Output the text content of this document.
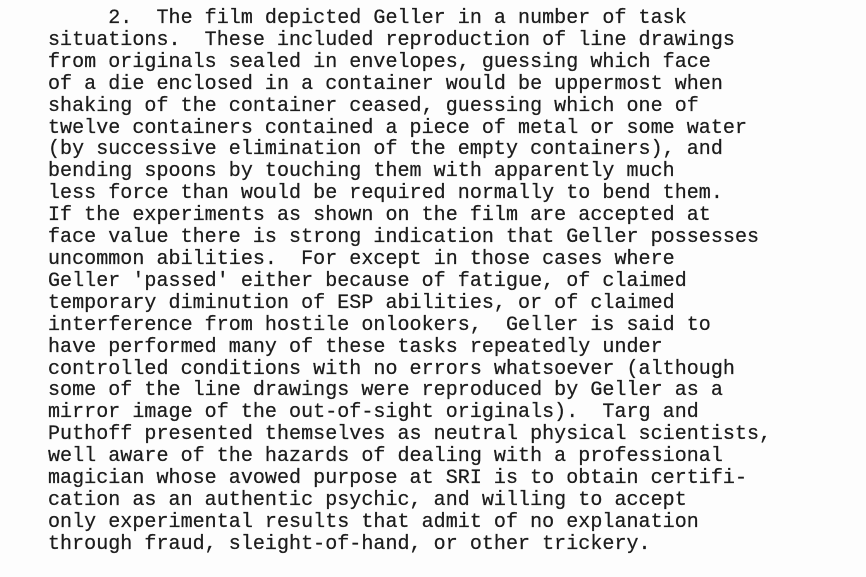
2.  The film depicted Geller in a number of task
situations.  These included reproduction of line drawings
from originals sealed in envelopes, guessing which face
of a die enclosed in a container would be uppermost when
shaking of the container ceased, guessing which one of
twelve containers contained a piece of metal or some water
(by successive elimination of the empty containers), and
bending spoons by touching them with apparently much
less force than would be required normally to bend them.
If the experiments as shown on the film are accepted at
face value there is strong indication that Geller possesses
uncommon abilities.  For except in those cases where
Geller 'passed' either because of fatigue, of claimed
temporary diminution of ESP abilities, or of claimed
interference from hostile onlookers,  Geller is said to
have performed many of these tasks repeatedly under
controlled conditions with no errors whatsoever (although
some of the line drawings were reproduced by Geller as a
mirror image of the out-of-sight originals).  Targ and
Puthoff presented themselves as neutral physical scientists,
well aware of the hazards of dealing with a professional
magician whose avowed purpose at SRI is to obtain certifi-
cation as an authentic psychic, and willing to accept
only experimental results that admit of no explanation
through fraud, sleight-of-hand, or other trickery.
